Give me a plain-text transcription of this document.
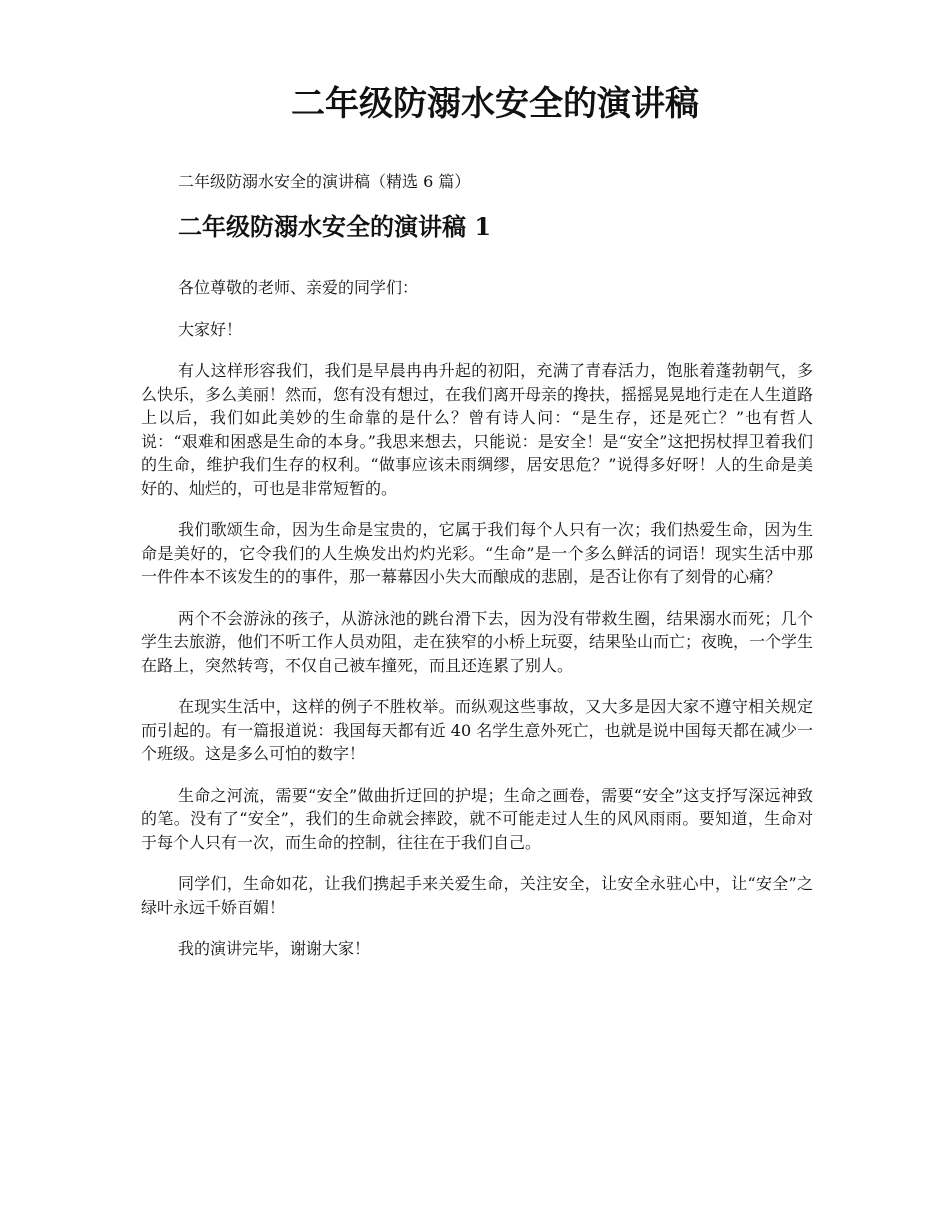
二年级防溺水安全的演讲稿

二年级防溺水安全的演讲稿（精选 6 篇）

二年级防溺水安全的演讲稿 1

各位尊敬的老师、亲爱的同学们：

大家好！

有人这样形容我们，我们是早晨冉冉升起的初阳，充满了青春活力，饱胀着蓬勃朝气，多么快乐，多么美丽！然而，您有没有想过，在我们离开母亲的搀扶，摇摇晃晃地行走在人生道路上以后，我们如此美妙的生命靠的是什么？曾有诗人问：“是生存，还是死亡？”也有哲人说：“艰难和困惑是生命的本身。”我思来想去，只能说：是安全！是“安全”这把拐杖捍卫着我们的生命，维护我们生存的权利。“做事应该未雨绸缪，居安思危？”说得多好呀！人的生命是美好的、灿烂的，可也是非常短暂的。

我们歌颂生命，因为生命是宝贵的，它属于我们每个人只有一次；我们热爱生命，因为生命是美好的，它令我们的人生焕发出灼灼光彩。“生命”是一个多么鲜活的词语！现实生活中那一件件本不该发生的的事件，那一幕幕因小失大而酿成的悲剧，是否让你有了刻骨的心痛？

两个不会游泳的孩子，从游泳池的跳台滑下去，因为没有带救生圈，结果溺水而死；几个学生去旅游，他们不听工作人员劝阻，走在狭窄的小桥上玩耍，结果坠山而亡；夜晚，一个学生在路上，突然转弯，不仅自己被车撞死，而且还连累了别人。

在现实生活中，这样的例子不胜枚举。而纵观这些事故，又大多是因大家不遵守相关规定而引起的。有一篇报道说：我国每天都有近 40 名学生意外死亡，也就是说中国每天都在减少一个班级。这是多么可怕的数字！

生命之河流，需要“安全”做曲折迂回的护堤；生命之画卷，需要“安全”这支抒写深远神致的笔。没有了“安全”，我们的生命就会摔跤，就不可能走过人生的风风雨雨。要知道，生命对于每个人只有一次，而生命的控制，往往在于我们自己。

同学们，生命如花，让我们携起手来关爱生命，关注安全，让安全永驻心中，让“安全”之绿叶永远千娇百媚！

我的演讲完毕，谢谢大家！
